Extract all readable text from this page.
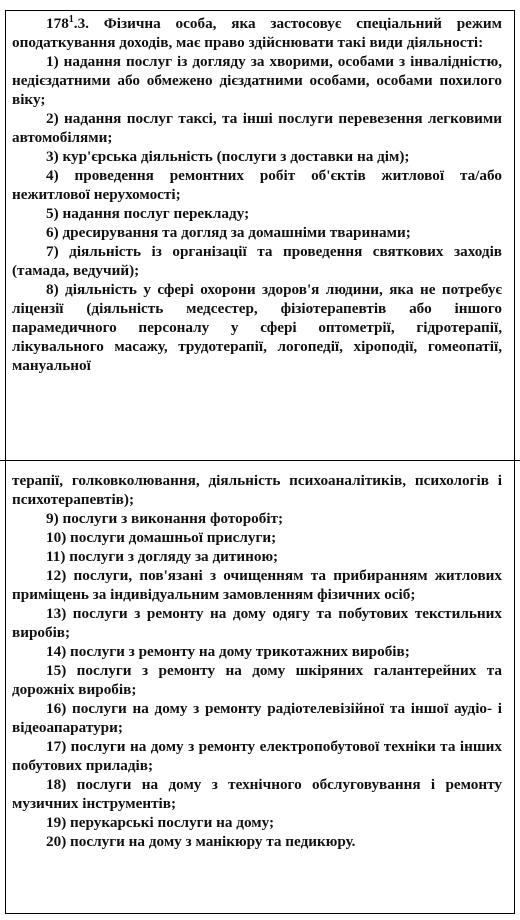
$178^1.3$. Фізична особа, яка застосовує спеціальний режим оподаткування доходів, має право здійснювати такі види діяльності:

1) надання послуг із догляду за хворими, особами з інвалідністю, недієздатними або обмежено дієздатними особами, особами похилого віку;

2) надання послуг таксі, та інші послуги перевезення легковими автомобілями;

3) кур'єрська діяльність (послуги з доставки на дім);

4) проведення ремонтних робіт об'єктів житлової та/або нежитлової нерухомості;

5) надання послуг перекладу;

6) дресирування та догляд за домашніми тваринами;

7) діяльність із організації та проведення святкових заходів (тамада, ведучий);

8) діяльність у сфері охорони здоров'я людини, яка не потребує ліцензії (діяльність медсестер, фізіотерапевтів або іншого парамедичного персоналу у сфері оптометрії, гідротерапії, лікувального масажу, трудотерапії, логопедії, хіроподії, гомеопатії, мануальної

терапії, голковколювання, діяльність психоаналітиків, психологів і психотерапевтів);

9) послуги з виконання фоторобіт;

10) послуги домашньої прислуги;

11) послуги з догляду за дитиною;

12) послуги, пов'язані з очищенням та прибиранням житлових приміщень за індивідуальним замовленням фізичних осіб;

13) послуги з ремонту на дому одягу та побутових текстильних виробів;

14) послуги з ремонту на дому трикотажних виробів;

15) послуги з ремонту на дому шкіряних галантерейних та дорожніх виробів;

16) послуги на дому з ремонту радіотелевізійної та іншої аудіо- і відеоапаратури;

17) послуги на дому з ремонту електропобутової техніки та інших побутових приладів;

18) послуги на дому з технічного обслуговування і ремонту музичних інструментів;

19) перукарські послуги на дому;

20) послуги на дому з манікюру та педикюру.
